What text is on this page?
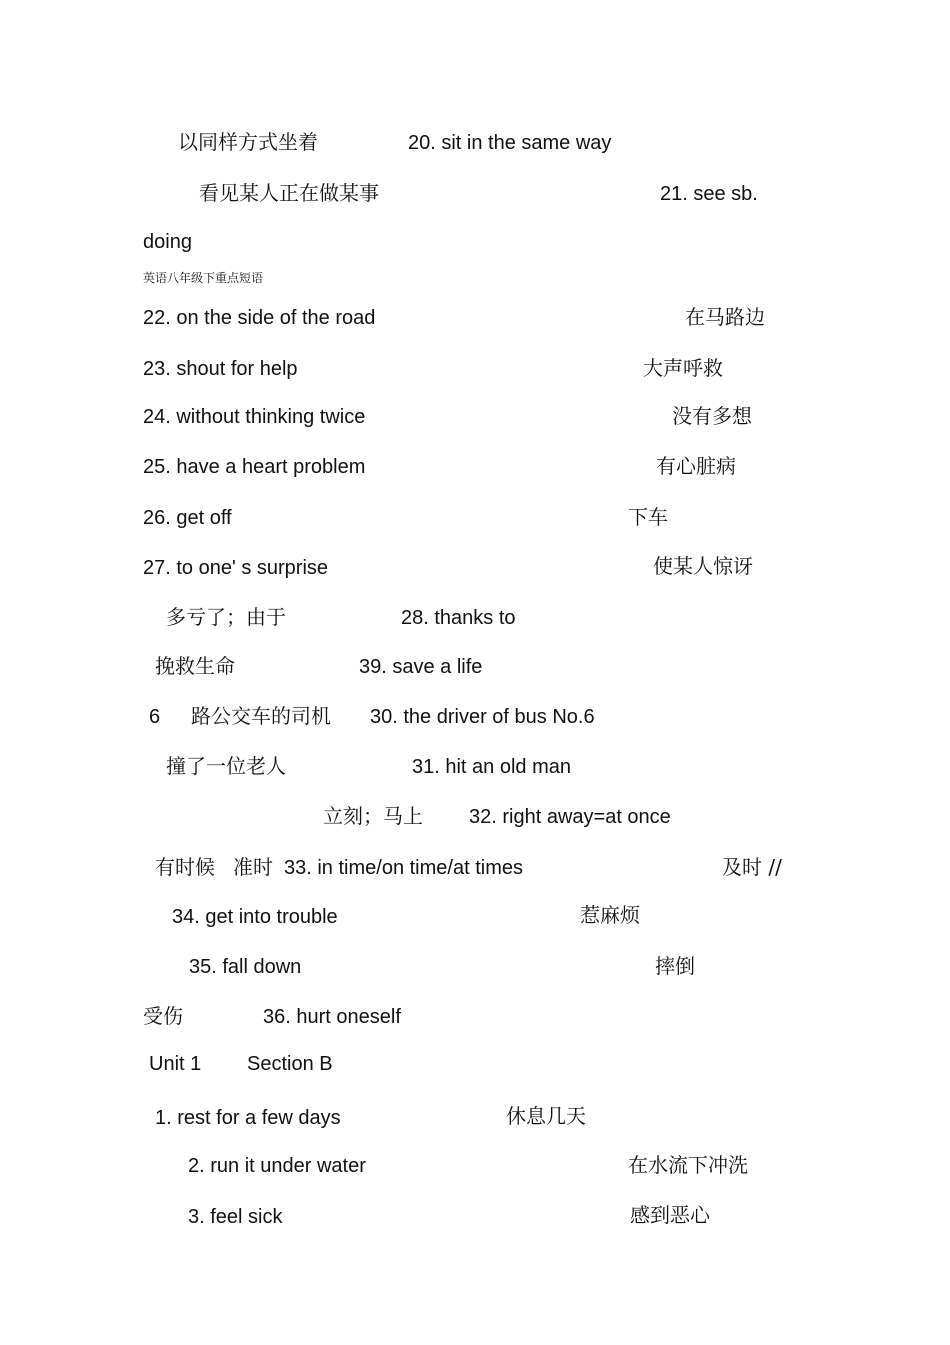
以同样方式坐着	20. sit in the same way
看见某人正在做某事	21. see sb.
doing
英语八年级下重点短语
22. on the side of the road	在马路边
23. shout for help	大声呼救
24. without thinking twice	没有多想
25. have a heart problem	有心脏病
26. get off	下车
27. to one' s surprise	使某人惊讶
多亏了；由于	28. thanks to
挽救生命	39. save a life
6 路公交车的司机 30. the driver of bus No.6
撞了一位老人	31. hit an old man
立刻；马上 32. right away=at once
有时候 准时 33. in time/on time/at times	及时 //
34. get into trouble	惹麻烦
35. fall down	摔倒
受伤	36. hurt oneself
Unit 1 Section B
1. rest for a few days	休息几天
2. run it under water	在水流下冲洗
3. feel sick	感到恶心
